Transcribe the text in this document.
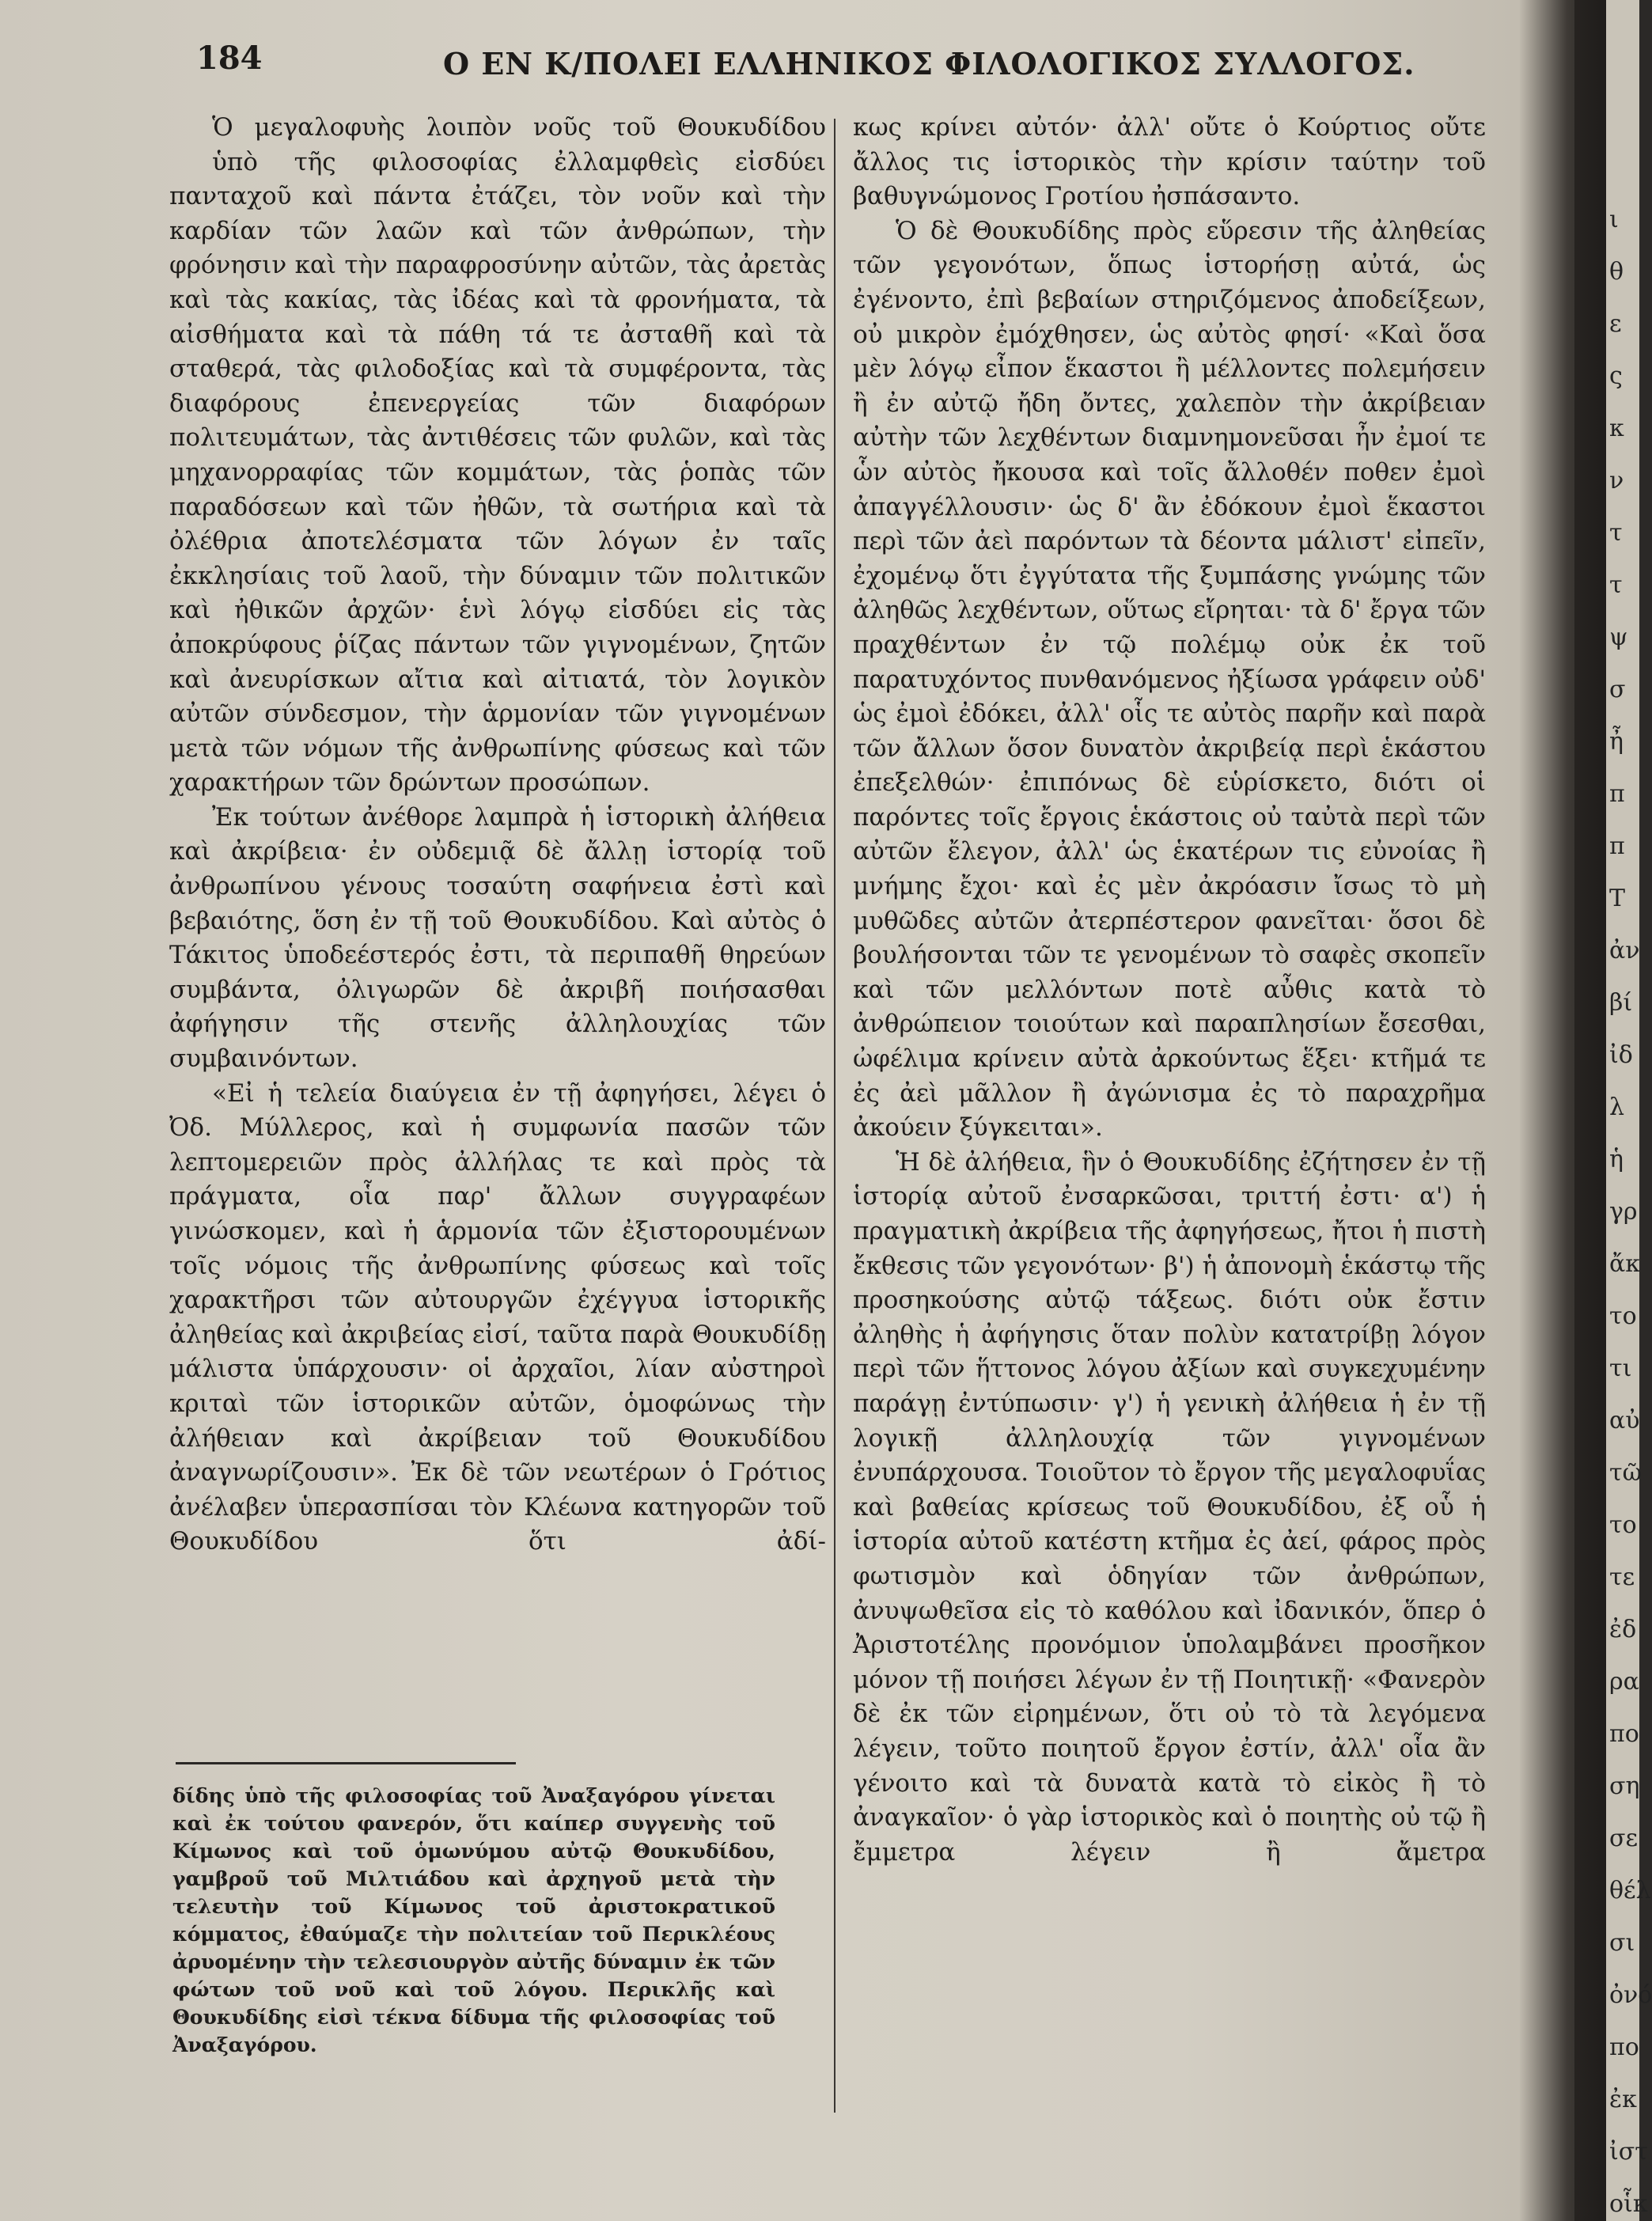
184	Ο ΕΝ Κ/ΠΟΛΕΙ ΕΛΛΗΝΙΚΟΣ ΦΙΛΟΛΟΓΙΚΟΣ ΣΥΛΛΟΓΟΣ.
Ὁ μεγαλοφυὴς λοιπὸν νοῦς τοῦ Θουκυδίδου
ὑπὸ τῆς φιλοσοφίας ἐλλαμφθεὶς εἰσδύει
πανταχοῦ καὶ πάντα ἐτάζει, τὸν νοῦν καὶ τὴν
καρδίαν τῶν λαῶν καὶ τῶν ἀνθρώπων, τὴν
φρόνησιν καὶ τὴν παραφροσύνην αὐτῶν, τὰς ἀρετὰς
καὶ τὰς κακίας, τὰς ἰδέας καὶ τὰ φρονήματα, τὰ
αἰσθήματα καὶ τὰ πάθη τά τε ἀσταθῆ καὶ τὰ
σταθερά, τὰς φιλοδοξίας καὶ τὰ συμφέροντα, τὰς
διαφόρους ἐπενεργείας τῶν διαφόρων
πολιτευμάτων, τὰς ἀντιθέσεις τῶν φυλῶν, καὶ τὰς
μηχανορραφίας τῶν κομμάτων, τὰς ῥοπὰς τῶν
παραδόσεων καὶ τῶν ἠθῶν, τὰ σωτήρια καὶ τὰ
ὀλέθρια ἀποτελέσματα τῶν λόγων ἐν ταῖς
ἐκκλησίαις τοῦ λαοῦ, τὴν δύναμιν τῶν πολιτικῶν
καὶ ἠθικῶν ἀρχῶν· ἑνὶ λόγῳ εἰσδύει εἰς τὰς
ἀποκρύφους ῥίζας πάντων τῶν γιγνομένων, ζητῶν
καὶ ἀνευρίσκων αἴτια καὶ αἰτιατά, τὸν λογικὸν
αὐτῶν σύνδεσμον, τὴν ἁρμονίαν τῶν γιγνομένων
μετὰ τῶν νόμων τῆς ἀνθρωπίνης φύσεως καὶ τῶν
χαρακτήρων τῶν δρώντων προσώπων.
Ἐκ τούτων ἀνέθορε λαμπρὰ ἡ ἱστορικὴ ἀλήθεια
καὶ ἀκρίβεια· ἐν οὐδεμιᾷ δὲ ἄλλῃ ἱστορίᾳ τοῦ
ἀνθρωπίνου γένους τοσαύτη σαφήνεια ἐστὶ καὶ
βεβαιότης, ὅση ἐν τῇ τοῦ Θουκυδίδου. Καὶ αὐτὸς ὁ
Τάκιτος ὑποδεέστερός ἐστι, τὰ περιπαθῆ θηρεύων
συμβάντα, ὀλιγωρῶν δὲ ἀκριβῆ ποιήσασθαι
ἀφήγησιν τῆς στενῆς ἀλληλουχίας τῶν
συμβαινόντων.
«Εἰ ἡ τελεία διαύγεια ἐν τῇ ἀφηγήσει, λέγει ὁ
Ὀδ. Μύλλερος, καὶ ἡ συμφωνία πασῶν τῶν
λεπτομερειῶν πρὸς ἀλλήλας τε καὶ πρὸς τὰ
πράγματα, οἷα παρ' ἄλλων συγγραφέων
γινώσκομεν, καὶ ἡ ἁρμονία τῶν ἐξιστορουμένων
τοῖς νόμοις τῆς ἀνθρωπίνης φύσεως καὶ τοῖς
χαρακτῆρσι τῶν αὐτουργῶν ἐχέγγυα ἱστορικῆς
ἀληθείας καὶ ἀκριβείας εἰσί, ταῦτα παρὰ Θουκυδίδῃ
μάλιστα ὑπάρχουσιν· οἱ ἀρχαῖοι, λίαν αὐστηροὶ
κριταὶ τῶν ἱστορικῶν αὐτῶν, ὁμοφώνως τὴν
ἀλήθειαν καὶ ἀκρίβειαν τοῦ Θουκυδίδου
ἀναγνωρίζουσιν». Ἐκ δὲ τῶν νεωτέρων ὁ Γρότιος
ἀνέλαβεν ὑπερασπίσαι τὸν Κλέωνα κατηγορῶν τοῦ
Θουκυδίδου ὅτι ἀδί-
κως κρίνει αὐτόν· ἀλλ' οὔτε ὁ Κούρτιος οὔτε
ἄλλος τις ἱστορικὸς τὴν κρίσιν ταύτην τοῦ
βαθυγνώμονος Γροτίου ἠσπάσαντο.
Ὁ δὲ Θουκυδίδης πρὸς εὕρεσιν τῆς ἀληθείας
τῶν γεγονότων, ὅπως ἱστορήσῃ αὐτά, ὡς
ἐγένοντο, ἐπὶ βεβαίων στηριζόμενος ἀποδείξεων,
οὐ μικρὸν ἐμόχθησεν, ὡς αὐτὸς φησί· «Καὶ ὅσα
μὲν λόγῳ εἶπον ἕκαστοι ἢ μέλλοντες πολεμήσειν
ἢ ἐν αὐτῷ ἤδη ὄντες, χαλεπὸν τὴν ἀκρίβειαν
αὐτὴν τῶν λεχθέντων διαμνημονεῦσαι ἦν ἐμοί τε
ὧν αὐτὸς ἤκουσα καὶ τοῖς ἄλλοθέν ποθεν ἐμοὶ
ἀπαγγέλλουσιν· ὡς δ' ἂν ἐδόκουν ἐμοὶ ἕκαστοι
περὶ τῶν ἀεὶ παρόντων τὰ δέοντα μάλιστ' εἰπεῖν,
ἐχομένῳ ὅτι ἐγγύτατα τῆς ξυμπάσης γνώμης τῶν
ἀληθῶς λεχθέντων, οὕτως εἴρηται· τὰ δ' ἔργα τῶν
πραχθέντων ἐν τῷ πολέμῳ οὐκ ἐκ τοῦ
παρατυχόντος πυνθανόμενος ἠξίωσα γράφειν οὐδ'
ὡς ἐμοὶ ἐδόκει, ἀλλ' οἷς τε αὐτὸς παρῆν καὶ παρὰ
τῶν ἄλλων ὅσον δυνατὸν ἀκριβείᾳ περὶ ἑκάστου
ἐπεξελθών· ἐπιπόνως δὲ εὑρίσκετο, διότι οἱ
παρόντες τοῖς ἔργοις ἑκάστοις οὐ ταὐτὰ περὶ τῶν
αὐτῶν ἔλεγον, ἀλλ' ὡς ἑκατέρων τις εὐνοίας ἢ
μνήμης ἔχοι· καὶ ἐς μὲν ἀκρόασιν ἴσως τὸ μὴ
μυθῶδες αὐτῶν ἀτερπέστερον φανεῖται· ὅσοι δὲ
βουλήσονται τῶν τε γενομένων τὸ σαφὲς σκοπεῖν
καὶ τῶν μελλόντων ποτὲ αὖθις κατὰ τὸ
ἀνθρώπειον τοιούτων καὶ παραπλησίων ἔσεσθαι,
ὠφέλιμα κρίνειν αὐτὰ ἀρκούντως ἕξει· κτῆμά τε
ἐς ἀεὶ μᾶλλον ἢ ἀγώνισμα ἐς τὸ παραχρῆμα
ἀκούειν ξύγκειται».
Ἡ δὲ ἀλήθεια, ἣν ὁ Θουκυδίδης ἐζήτησεν ἐν τῇ
ἱστορίᾳ αὐτοῦ ἐνσαρκῶσαι, τριττή ἐστι· α') ἡ
πραγματικὴ ἀκρίβεια τῆς ἀφηγήσεως, ἤτοι ἡ πιστὴ
ἔκθεσις τῶν γεγονότων· β') ἡ ἀπονομὴ ἑκάστῳ τῆς
προσηκούσης αὐτῷ τάξεως. διότι οὐκ ἔστιν
ἀληθὴς ἡ ἀφήγησις ὅταν πολὺν κατατρίβῃ λόγον
περὶ τῶν ἥττονος λόγου ἀξίων καὶ συγκεχυμένην
παράγῃ ἐντύπωσιν· γ') ἡ γενικὴ ἀλήθεια ἡ ἐν τῇ
λογικῇ ἀλληλουχίᾳ τῶν γιγνομένων
ἐνυπάρχουσα. Τοιοῦτον τὸ ἔργον τῆς μεγαλοφυΐας
καὶ βαθείας κρίσεως τοῦ Θουκυδίδου, ἐξ οὗ ἡ
ἱστορία αὐτοῦ κατέστη κτῆμα ἐς ἀεί, φάρος πρὸς
φωτισμὸν καὶ ὁδηγίαν τῶν ἀνθρώπων,
ἀνυψωθεῖσα εἰς τὸ καθόλου καὶ ἰδανικόν, ὅπερ ὁ
Ἀριστοτέλης προνόμιον ὑπολαμβάνει προσῆκον
μόνον τῇ ποιήσει λέγων ἐν τῇ Ποιητικῇ· «Φανερὸν
δὲ ἐκ τῶν εἰρημένων, ὅτι οὐ τὸ τὰ λεγόμενα
λέγειν, τοῦτο ποιητοῦ ἔργον ἐστίν, ἀλλ' οἷα ἂν
γένοιτο καὶ τὰ δυνατὰ κατὰ τὸ εἰκὸς ἢ τὸ
ἀναγκαῖον· ὁ γὰρ ἱστορικὸς καὶ ὁ ποιητὴς οὐ τῷ ἢ
ἔμμετρα λέγειν ἢ ἄμετρα
δίδης ὑπὸ τῆς φιλοσοφίας τοῦ Ἀναξαγόρου γίνεται
καὶ ἐκ τούτου φανερόν, ὅτι καίπερ συγγενὴς τοῦ
Κίμωνος καὶ τοῦ ὁμωνύμου αὐτῷ Θουκυδίδου,
γαμβροῦ τοῦ Μιλτιάδου καὶ ἀρχηγοῦ μετὰ τὴν
τελευτὴν τοῦ Κίμωνος τοῦ ἀριστοκρατικοῦ
κόμματος, ἐθαύμαζε τὴν πολιτείαν τοῦ Περικλέους
ἀρυομένην τὴν τελεσιουργὸν αὐτῆς δύναμιν ἐκ τῶν
φώτων τοῦ νοῦ καὶ τοῦ λόγου. Περικλῆς καὶ
Θουκυδίδης εἰσὶ τέκνα δίδυμα τῆς φιλοσοφίας τοῦ
Ἀναξαγόρου.
ι
θ
ε
ς
κ
ν
τ
τ
ψ
σ
ἦ
π
π
Τ
ἀν
βί
ἰδ
λ
ἡ
γρ
ἄκ
το
τι
αὐ
τῶ
το
τε
ἐδ
ρα
πο
ση
σε
θέλ
σι
ὀνό
πο
ἐκ
ἰστ
οἷκ
